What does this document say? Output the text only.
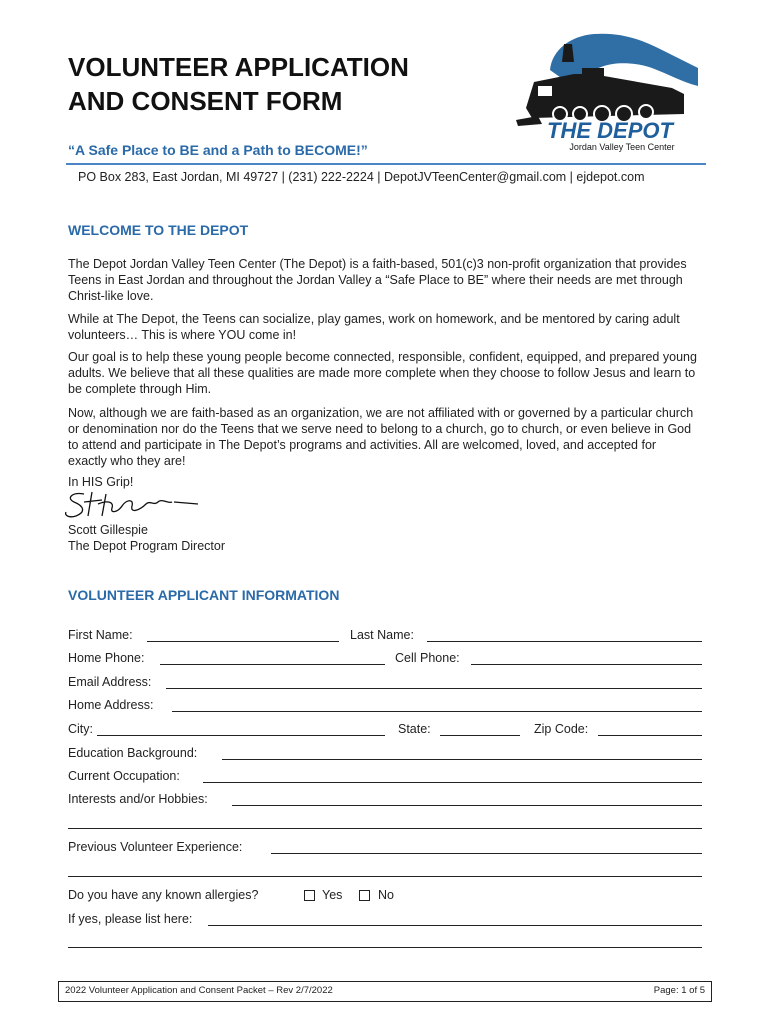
VOLUNTEER APPLICATION
AND CONSENT FORM
THE DEPOT
Jordan Valley Teen Center
“A Safe Place to BE and a Path to BECOME!”
PO Box 283, East Jordan, MI 49727 | (231) 222-2224 | DepotJVTeenCenter@gmail.com | ejdepot.com
WELCOME TO THE DEPOT

The Depot Jordan Valley Teen Center (The Depot) is a faith-based, 501(c)3 non-profit organization that provides Teens in East Jordan and throughout the Jordan Valley a “Safe Place to BE” where their needs are met through Christ-like love.

While at The Depot, the Teens can socialize, play games, work on homework, and be mentored by caring adult volunteers… This is where YOU come in!

Our goal is to help these young people become connected, responsible, confident, equipped, and prepared young adults. We believe that all these qualities are made more complete when they choose to follow Jesus and learn to be complete through Him.

Now, although we are faith-based as an organization, we are not affiliated with or governed by a particular church or denomination nor do the Teens that we serve need to belong to a church, go to church, or even believe in God to attend and participate in The Depot’s programs and activities. All are welcomed, loved, and accepted for exactly who they are!

In HIS Grip!
Scott Gillespie
The Depot Program Director
VOLUNTEER APPLICANT INFORMATION
First Name:	Last Name:
Home Phone:	Cell Phone:
Email Address:
Home Address:
City:	State:	Zip Code:
Education Background:
Current Occupation:
Interests and/or Hobbies:
Previous Volunteer Experience:
Do you have any known allergies?	Yes	No
If yes, please list here:
2022 Volunteer Application and Consent Packet – Rev 2/7/2022	Page: 1 of 5
